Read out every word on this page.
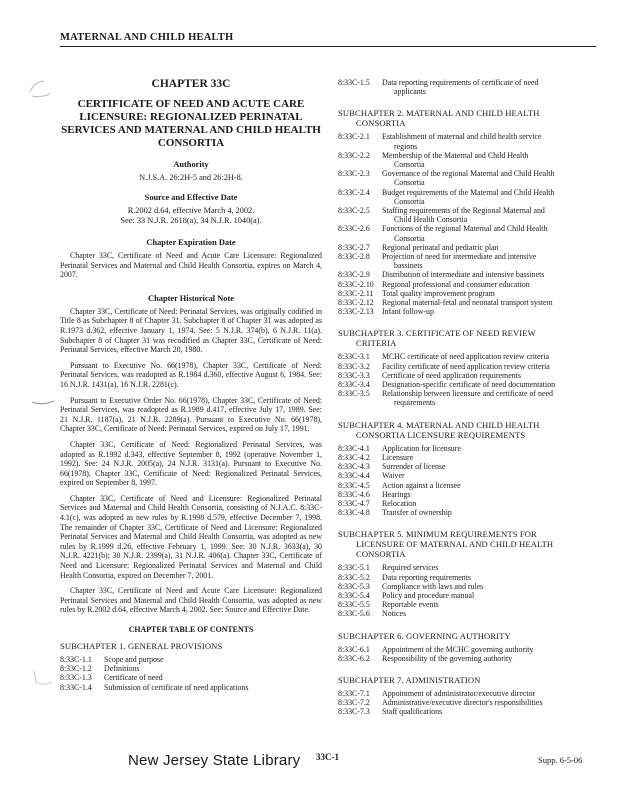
MATERNAL AND CHILD HEALTH
CHAPTER 33C
CERTIFICATE OF NEED AND ACUTE CARE LICENSURE: REGIONALIZED PERINATAL SERVICES AND MATERNAL AND CHILD HEALTH CONSORTIA
Authority
N.J.S.A. 26:2H-5 and 26:2H-8.
Source and Effective Date
R.2002 d.64, effective March 4, 2002.
See: 33 N.J.R. 2618(a), 34 N.J.R. 1040(a).
Chapter Expiration Date

Chapter 33C, Certificate of Need and Acute Care Licensure: Regionalized Perinatal Services and Maternal and Child Health Consortia, expires on March 4, 2007.

Chapter Historical Note

Chapter 33C, Certificate of Need: Perinatal Services, was originally codified in Title 8 as Subchapter 8 of Chapter 31. Subchapter 8 of Chapter 31 was adopted as R.1973 d.362, effective January 1, 1974. See: 5 N.J.R. 374(b), 6 N.J.R. 11(a). Subchapter 8 of Chapter 31 was recodified as Chapter 33C, Certificate of Need: Perinatal Services, effective March 20, 1980.

Pursuant to Executive No. 66(1978), Chapter 33C, Certificate of Need: Perinatal Services, was readopted as R.1984 d.360, effective August 6, 1984. See: 16 N.J.R. 1431(a), 16 N.J.R. 2281(c).

Pursuant to Executive Order No. 66(1978), Chapter 33C, Certificate of Need: Perinatal Services, was readopted as R.1989 d.417, effective July 17, 1989. See: 21 N.J.R. 1187(a), 21 N.J.R. 2289(a). Pursuant to Executive No. 66(1978), Chapter 33C, Certificate of Need: Perinatal Services, expired on July 17, 1991.

Chapter 33C, Certificate of Need: Regionalized Perinatal Services, was adopted as R.1992 d.343, effective September 8, 1992 (operative November 1, 1992). See: 24 N.J.R. 2005(a), 24 N.J.R. 3131(a). Pursuant to Executive No. 66(1978), Chapter 33C, Certificate of Need: Regionalized Perinatal Services, expired on September 8, 1997.

Chapter 33C, Certificate of Need and Licensure: Regionalized Perinatal Services and Maternal and Child Health Consortia, consisting of N.J.A.C. 8:33C-4.1(c), was adopted as new rules by R.1998 d.579, effective December 7, 1998. The remainder of Chapter 33C, Certificate of Need and Licensure: Regionalized Perinatal Services and Maternal and Child Health Consortia, was adopted as new rules by R.1999 d.26, effective February 1, 1999. See: 30 N.J.R. 3633(a), 30 N.J.R. 4221(b); 30 N.J.R. 2399(a), 31 N.J.R. 406(a). Chapter 33C, Certificate of Need and Licensure: Regionalized Perinatal Services and Maternal and Child Health Consortia, expired on December 7, 2001.

Chapter 33C, Certificate of Need and Acute Care Licensure: Regionalized Perinatal Services and Maternal and Child Health Consortia, was adopted as new rules by R.2002 d.64, effective March 4, 2002. See: Source and Effective Date.

CHAPTER TABLE OF CONTENTS
SUBCHAPTER 1. GENERAL PROVISIONS
8:33C-1.1	Scope and purpose
8:33C-1.2	Definitions
8:33C-1.3	Certificate of need
8:33C-1.4	Submission of certificate of need applications
8:33C-1.5	Data reporting requirements of certificate of need
applicants
SUBCHAPTER 2. MATERNAL AND CHILD HEALTH
CONSORTIA
8:33C-2.1	Establishment of maternal and child health service
regions
8:33C-2.2	Membership of the Maternal and Child Health
Consortia
8:33C-2.3	Governance of the regional Maternal and Child Health
Consortia
8:33C-2.4	Budget requirements of the Maternal and Child Health
Consortia
8:33C-2.5	Staffing requirements of the Regional Maternal and
Child Health Consortia
8:33C-2.6	Functions of the regional Maternal and Child Health
Consortia
8:33C-2.7	Regional perinatal and pediatric plan
8:33C-2.8	Projection of need for intermediate and intensive
bassinets
8:33C-2.9	Distribution of intermediate and intensive bassinets
8:33C-2.10	Regional professional and consumer education
8:33C-2.11	Total quality improvement program
8:33C-2.12	Regional maternal-fetal and neonatal transport system
8:33C-2.13	Infant follow-up
SUBCHAPTER 3. CERTIFICATE OF NEED REVIEW
CRITERIA
8:33C-3.1	MCHC certificate of need application review criteria
8:33C-3.2	Facility certificate of need application review criteria
8:33C-3.3	Certificate of need application requirements
8:33C-3.4	Designation-specific certificate of need documentation
8:33C-3.5	Relationship between licensure and certificate of need
requirements
SUBCHAPTER 4. MATERNAL AND CHILD HEALTH
CONSORTIA LICENSURE REQUIREMENTS
8:33C-4.1	Application for licensure
8:33C-4.2	Licensure
8:33C-4.3	Surrender of license
8:33C-4.4	Waiver
8:33C-4.5	Action against a licensee
8:33C-4.6	Hearings
8:33C-4.7	Relocation
8:33C-4.8	Transfer of ownership
SUBCHAPTER 5. MINIMUM REQUIREMENTS FOR
LICENSURE OF MATERNAL AND CHILD HEALTH
CONSORTIA
8:33C-5.1	Required services
8:33C-5.2	Data reporting requirements
8:33C-5.3	Compliance with laws and rules
8:33C-5.4	Policy and procedure manual
8:33C-5.5	Reportable events
8:33C-5.6	Notices
SUBCHAPTER 6. GOVERNING AUTHORITY
8:33C-6.1	Appointment of the MCHC governing authority
8:33C-6.2	Responsibility of the governing authority
SUBCHAPTER 7. ADMINISTRATION
8:33C-7.1	Appointment of administrator/executive director
8:33C-7.2	Administrative/executive director's responsibilities
8:33C-7.3	Staff qualifications
New Jersey State Library 33C-1	Supp. 6-5-06
